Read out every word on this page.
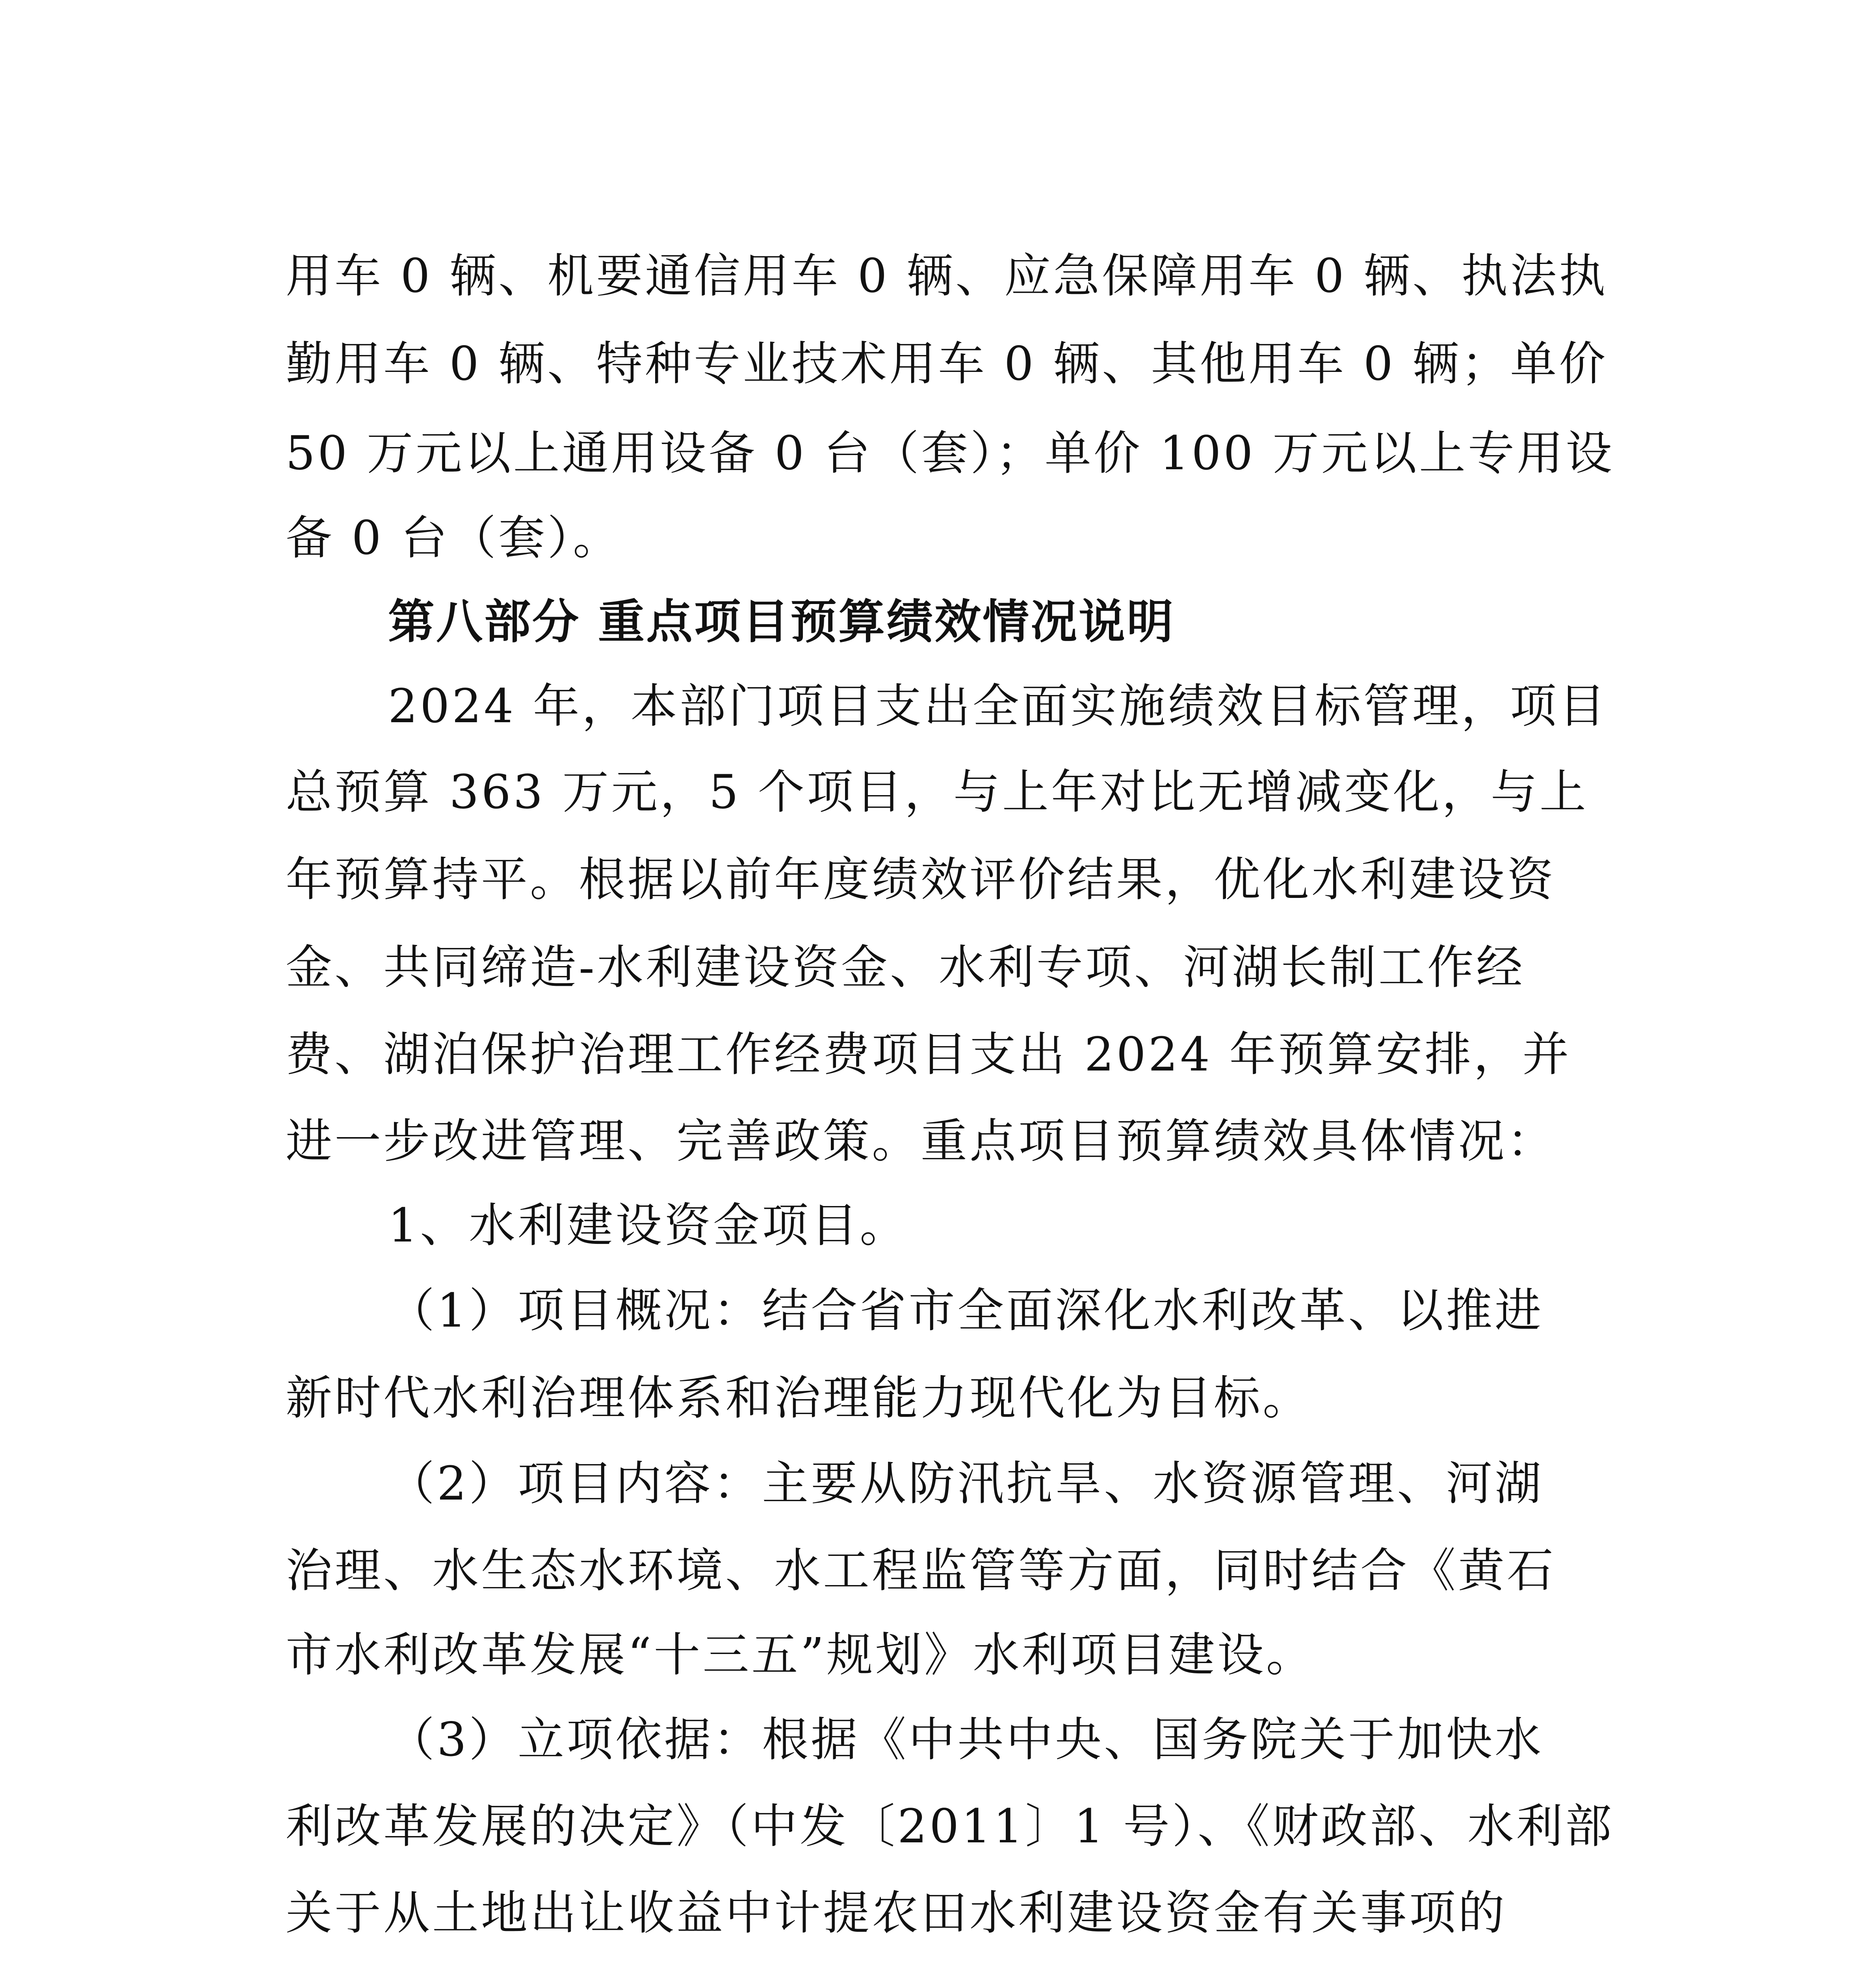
用车 0 辆、机要通信用车 0 辆、应急保障用车 0 辆、执法执
勤用车 0 辆、特种专业技术用车 0 辆、其他用车 0 辆；单价
50 万元以上通用设备 0 台（套）；单价 100 万元以上专用设
备 0 台（套）。
第八部分 重点项目预算绩效情况说明
2024 年，本部门项目支出全面实施绩效目标管理，项目
总预算 363 万元，5 个项目，与上年对比无增减变化，与上
年预算持平。根据以前年度绩效评价结果，优化水利建设资
金、共同缔造-水利建设资金、水利专项、河湖长制工作经
费、湖泊保护治理工作经费项目支出 2024 年预算安排，并
进一步改进管理、完善政策。重点项目预算绩效具体情况：
1、水利建设资金项目。
（1）项目概况：结合省市全面深化水利改革、以推进
新时代水利治理体系和治理能力现代化为目标。
（2）项目内容：主要从防汛抗旱、水资源管理、河湖
治理、水生态水环境、水工程监管等方面，同时结合《黄石
市水利改革发展“十三五”规划》水利项目建设。
（3）立项依据：根据《中共中央、国务院关于加快水
利改革发展的决定》（中发〔2011〕1 号）、《财政部、水利部
关于从土地出让收益中计提农田水利建设资金有关事项的
